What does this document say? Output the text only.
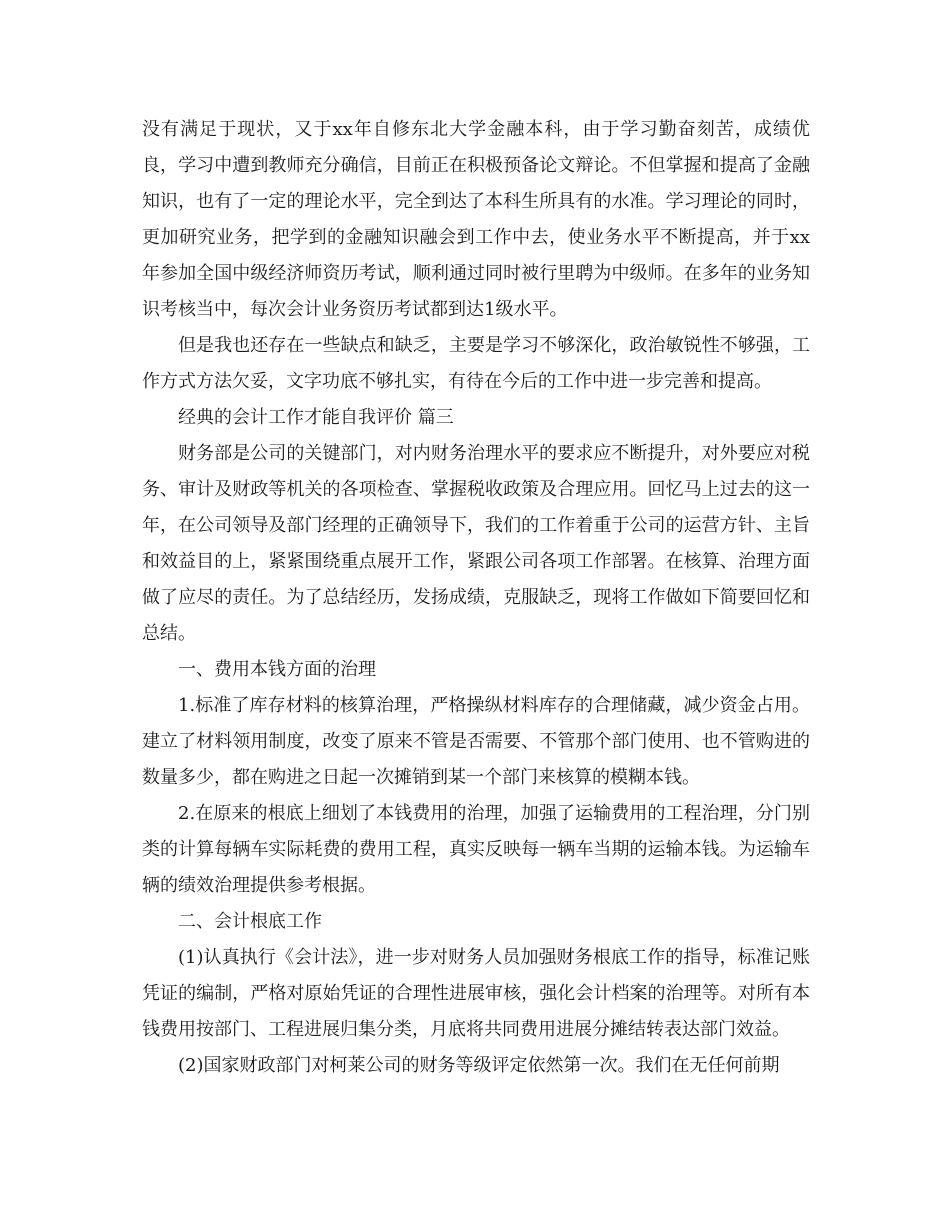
没有满足于现状，又于xx年自修东北大学金融本科，由于学习勤奋刻苦，成绩优良，学习中遭到教师充分确信，目前正在积极预备论文辩论。不但掌握和提高了金融知识，也有了一定的理论水平，完全到达了本科生所具有的水准。学习理论的同时，更加研究业务，把学到的金融知识融会到工作中去，使业务水平不断提高，并于xx年参加全国中级经济师资历考试，顺利通过同时被行里聘为中级师。在多年的业务知识考核当中，每次会计业务资历考试都到达1级水平。

但是我也还存在一些缺点和缺乏，主要是学习不够深化，政治敏锐性不够强，工作方式方法欠妥，文字功底不够扎实，有待在今后的工作中进一步完善和提高。

经典的会计工作才能自我评价 篇三

财务部是公司的关键部门，对内财务治理水平的要求应不断提升，对外要应对税务、审计及财政等机关的各项检查、掌握税收政策及合理应用。回忆马上过去的这一年，在公司领导及部门经理的正确领导下，我们的工作着重于公司的运营方针、主旨和效益目的上，紧紧围绕重点展开工作，紧跟公司各项工作部署。在核算、治理方面做了应尽的责任。为了总结经历，发扬成绩，克服缺乏，现将工作做如下简要回忆和总结。

一、费用本钱方面的治理

1.标准了库存材料的核算治理，严格操纵材料库存的合理储藏，减少资金占用。建立了材料领用制度，改变了原来不管是否需要、不管那个部门使用、也不管购进的数量多少，都在购进之日起一次摊销到某一个部门来核算的模糊本钱。

2.在原来的根底上细划了本钱费用的治理，加强了运输费用的工程治理，分门别类的计算每辆车实际耗费的费用工程，真实反映每一辆车当期的运输本钱。为运输车辆的绩效治理提供参考根据。

二、会计根底工作

(1)认真执行《会计法》，进一步对财务人员加强财务根底工作的指导，标准记账凭证的编制，严格对原始凭证的合理性进展审核，强化会计档案的治理等。对所有本钱费用按部门、工程进展归集分类，月底将共同费用进展分摊结转表达部门效益。

(2)国家财政部门对柯莱公司的财务等级评定依然第一次。我们在无任何前期
